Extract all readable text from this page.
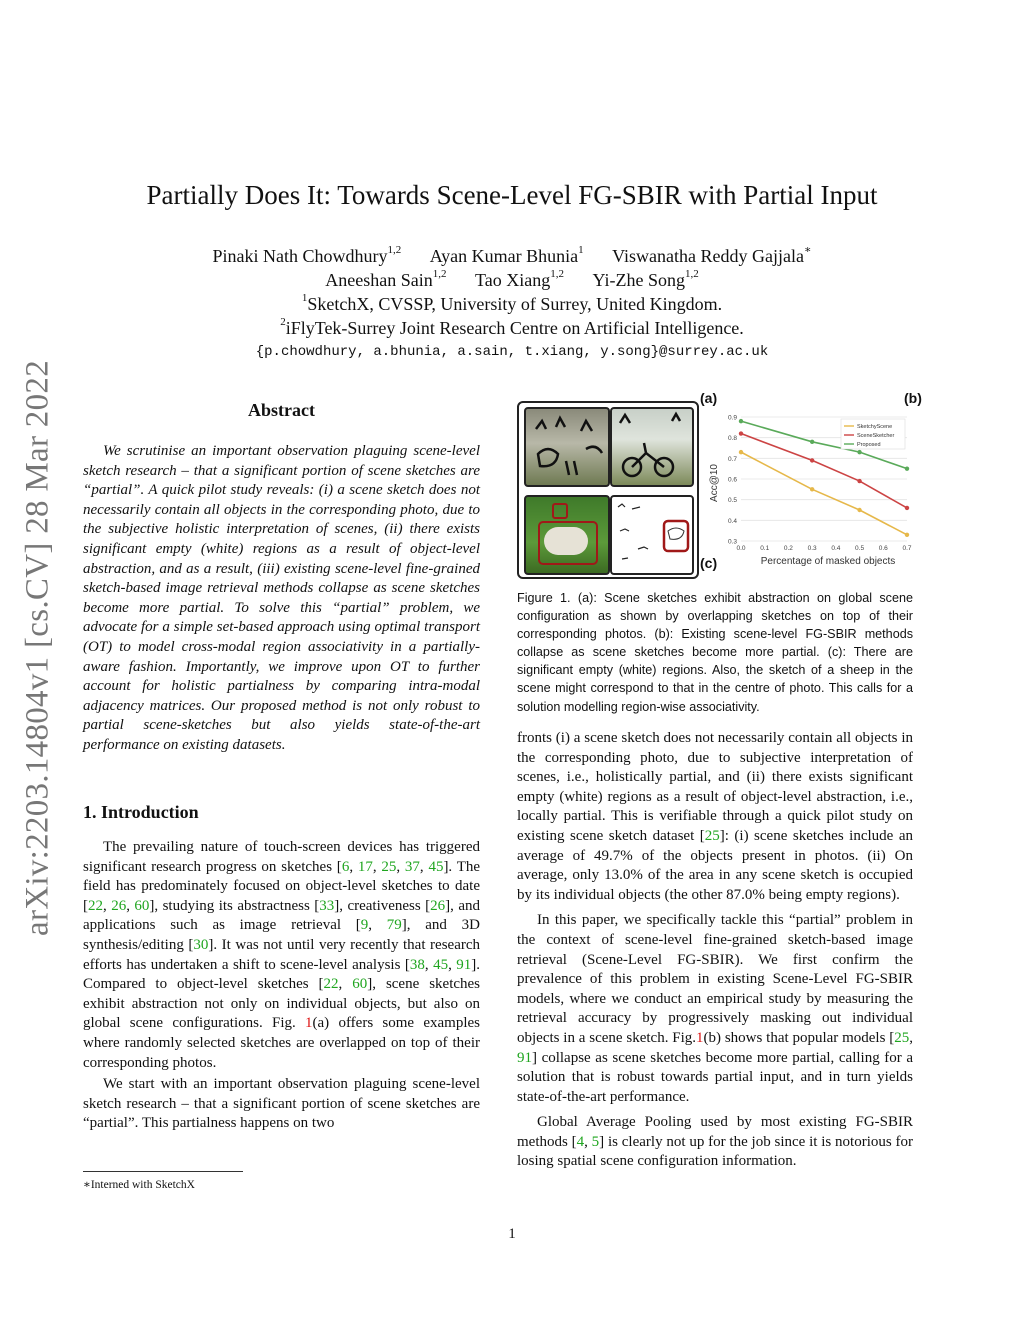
arXiv:2203.14804v1 [cs.CV] 28 Mar 2022
Partially Does It: Towards Scene-Level FG-SBIR with Partial Input
Pinaki Nath Chowdhury$^{1,2}$ Ayan Kumar Bhunia$^1$ Viswanatha Reddy Gajjala∗
Aneeshan Sain$^{1,2}$ Tao Xiang$^{1,2}$ Yi-Zhe Song$^{1,2}$
$^1$SketchX, CVSSP, University of Surrey, United Kingdom.
$^2$iFlyTek-Surrey Joint Research Centre on Artificial Intelligence.
{p.chowdhury, a.bhunia, a.sain, t.xiang, y.song}@surrey.ac.uk
Abstract

We scrutinise an important observation plaguing scene-level sketch research – that a significant portion of scene sketches are “partial”. A quick pilot study reveals: (i) a scene sketch does not necessarily contain all objects in the corresponding photo, due to the subjective holistic interpretation of scenes, (ii) there exists significant empty (white) regions as a result of object-level abstraction, and as a result, (iii) existing scene-level fine-grained sketch-based image retrieval methods collapse as scene sketches become more partial. To solve this “partial” problem, we advocate for a simple set-based approach using optimal transport (OT) to model cross-modal region associativity in a partially-aware fashion. Importantly, we improve upon OT to further account for holistic partialness by comparing intra-modal adjacency matrices. Our proposed method is not only robust to partial scene-sketches but also yields state-of-the-art performance on existing datasets.

1. Introduction

The prevailing nature of touch-screen devices has triggered significant research progress on sketches [6, 17, 25, 37, 45]. The field has predominately focused on object-level sketches to date [22, 26, 60], studying its abstractness [33], creativeness [26], and applications such as image retrieval [9, 79], and 3D synthesis/editing [30]. It was not until very recently that research efforts has undertaken a shift to scene-level analysis [38, 45, 91]. Compared to object-level sketches [22, 60], scene sketches exhibit abstraction not only on individual objects, but also on global scene configurations. Fig. 1(a) offers some examples where randomly selected sketches are overlapped on top of their corresponding photos.

We start with an important observation plaguing scene-level sketch research – that a significant portion of scene sketches are “partial”. This partialness happens on two

∗Interned with SketchX
(a)	(b)
(c)
Acc@10
Percentage of masked objects
0.3
0.4
0.5
0.6
0.7
0.8
0.9
0.0 0.1 0.2 0.3 0.4 0.5 0.6 0.7
SketchyScene
SceneSketcher
Proposed
Figure 1. (a): Scene sketches exhibit abstraction on global scene configuration as shown by overlapping sketches on top of their corresponding photos. (b): Existing scene-level FG-SBIR methods collapse as scene sketches become more partial. (c): There are significant empty (white) regions. Also, the sketch of a sheep in the scene might correspond to that in the centre of photo. This calls for a solution modelling region-wise associativity.

fronts (i) a scene sketch does not necessarily contain all objects in the corresponding photo, due to subjective interpretation of scenes, i.e., holistically partial, and (ii) there exists significant empty (white) regions as a result of object-level abstraction, i.e., locally partial. This is verifiable through a quick pilot study on existing scene sketch dataset [25]: (i) scene sketches include an average of 49.7% of the objects present in photos. (ii) On average, only 13.0% of the area in any scene sketch is occupied by its individual objects (the other 87.0% being empty regions).

In this paper, we specifically tackle this “partial” problem in the context of scene-level fine-grained sketch-based image retrieval (Scene-Level FG-SBIR). We first confirm the prevalence of this problem in existing Scene-Level FG-SBIR models, where we conduct an empirical study by measuring the retrieval accuracy by progressively masking out individual objects in a scene sketch. Fig.1(b) shows that popular models [25, 91] collapse as scene sketches become more partial, calling for a solution that is robust towards partial input, and in turn yields state-of-the-art performance.

Global Average Pooling used by most existing FG-SBIR methods [4, 5] is clearly not up for the job since it is notorious for losing spatial scene configuration information.

1
